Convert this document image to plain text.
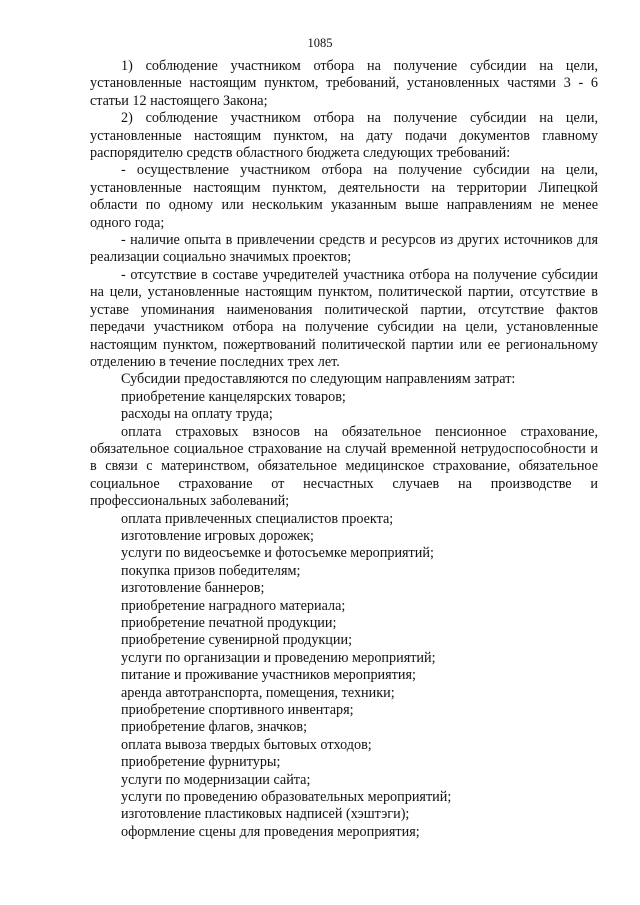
1085

1) соблюдение участником отбора на получение субсидии на цели, установленные настоящим пунктом, требований, установленных частями 3 - 6 статьи 12 настоящего Закона;

2) соблюдение участником отбора на получение субсидии на цели, установленные настоящим пунктом, на дату подачи документов главному распорядителю средств областного бюджета следующих требований:

- осуществление участником отбора на получение субсидии на цели, установленные настоящим пунктом, деятельности на территории Липецкой области по одному или нескольким указанным выше направлениям не менее одного года;

- наличие опыта в привлечении средств и ресурсов из других источников для реализации социально значимых проектов;

- отсутствие в составе учредителей участника отбора на получение субсидии на цели, установленные настоящим пунктом, политической партии, отсутствие в уставе упоминания наименования политической партии, отсутствие фактов передачи участником отбора на получение субсидии на цели, установленные настоящим пунктом, пожертвований политической партии или ее региональному отделению в течение последних трех лет.

Субсидии предоставляются по следующим направлениям затрат:

приобретение канцелярских товаров;

расходы на оплату труда;

оплата страховых взносов на обязательное пенсионное страхование, обязательное социальное страхование на случай временной нетрудоспособности и в связи с материнством, обязательное медицинское страхование, обязательное социальное страхование от несчастных случаев на производстве и профессиональных заболеваний;

оплата привлеченных специалистов проекта;

изготовление игровых дорожек;

услуги по видеосъемке и фотосъемке мероприятий;

покупка призов победителям;

изготовление баннеров;

приобретение наградного материала;

приобретение печатной продукции;

приобретение сувенирной продукции;

услуги по организации и проведению мероприятий;

питание и проживание участников мероприятия;

аренда автотранспорта, помещения, техники;

приобретение спортивного инвентаря;

приобретение флагов, значков;

оплата вывоза твердых бытовых отходов;

приобретение фурнитуры;

услуги по модернизации сайта;

услуги по проведению образовательных мероприятий;

изготовление пластиковых надписей (хэштэги);

оформление сцены для проведения мероприятия;
